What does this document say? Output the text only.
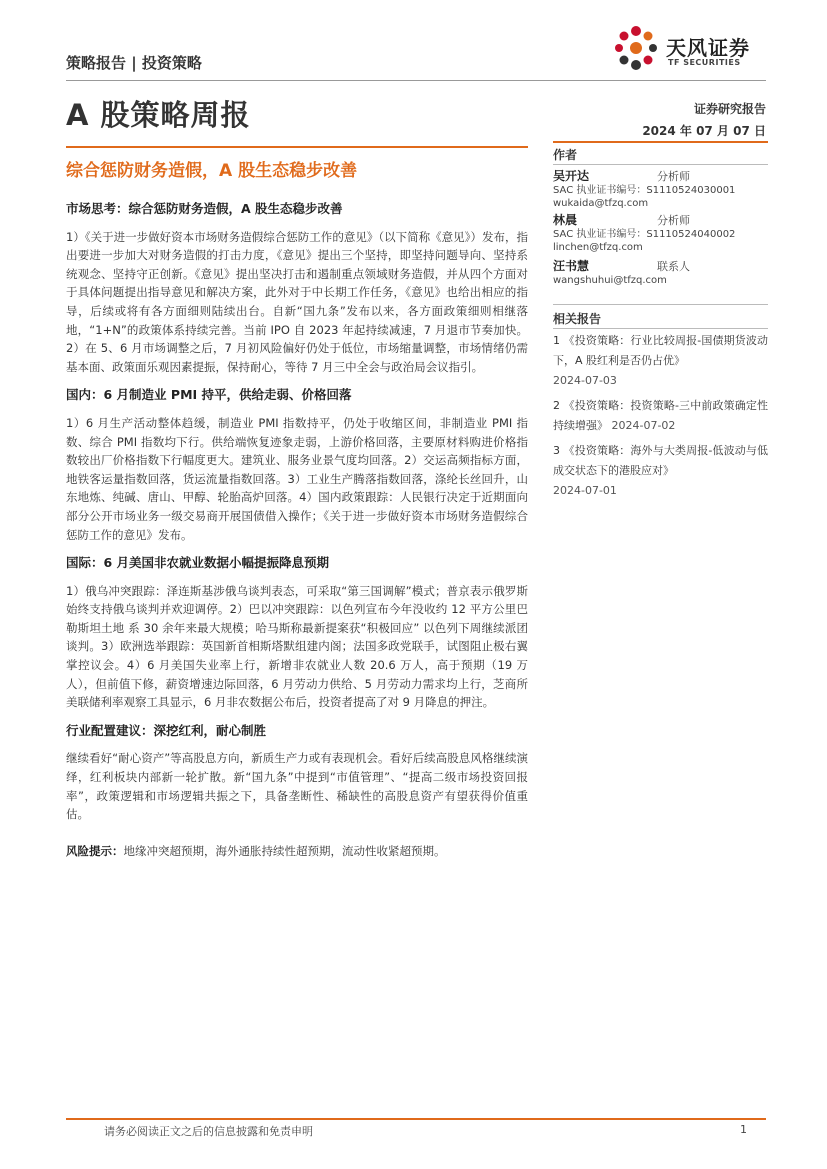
策略报告 | 投资策略
天风证券
TF SECURITIES
A 股策略周报	证券研究报告
2024 年 07 月 07 日
综合惩防财务造假，A 股生态稳步改善
市场思考：综合惩防财务造假，A 股生态稳步改善
1）《关于进一步做好资本市场财务造假综合惩防工作的意见》（以下简称《意见》）发布，指出要进一步加大对财务造假的打击力度，《意见》提出三个坚持，即坚持问题导向、坚持系统观念、坚持守正创新。《意见》提出坚决打击和遏制重点领域财务造假，并从四个方面对于具体问题提出指导意见和解决方案，此外对于中长期工作任务，《意见》也给出相应的指导，后续或将有各方面细则陆续出台。自新“国九条”发布以来，各方面政策细则相继落地，“1+N”的政策体系持续完善。当前 IPO 自 2023 年起持续减速，7 月退市节奏加快。2）在 5、6 月市场调整之后，7 月初风险偏好仍处于低位，市场缩量调整，市场情绪仍需基本面、政策面乐观因素提振，保持耐心，等待 7 月三中全会与政治局会议指引。
国内：6 月制造业 PMI 持平，供给走弱、价格回落
1）6 月生产活动整体趋缓，制造业 PMI 指数持平，仍处于收缩区间，非制造业 PMI 指数、综合 PMI 指数均下行。供给端恢复迹象走弱，上游价格回落，主要原材料购进价格指数较出厂价格指数下行幅度更大。建筑业、服务业景气度均回落。2）交运高频指标方面，地铁客运量指数回落，货运流量指数回落。3）工业生产腾落指数回落，涤纶长丝回升，山东地炼、纯碱、唐山、甲醇、轮胎高炉回落。4）国内政策跟踪：人民银行决定于近期面向部分公开市场业务一级交易商开展国债借入操作；《关于进一步做好资本市场财务造假综合惩防工作的意见》发布。
国际：6 月美国非农就业数据小幅提振降息预期
1）俄乌冲突跟踪：泽连斯基涉俄乌谈判表态，可采取“第三国调解”模式；普京表示俄罗斯始终支持俄乌谈判并欢迎调停。2）巴以冲突跟踪：以色列宣布今年没收约 12 平方公里巴勒斯坦土地 系 30 余年来最大规模；哈马斯称最新提案获“积极回应” 以色列下周继续派团谈判。3）欧洲选举跟踪：英国新首相斯塔默组建内阁；法国多政党联手，试图阻止极右翼掌控议会。4）6 月美国失业率上行，新增非农就业人数 20.6 万人，高于预期（19 万人），但前值下修，薪资增速边际回落，6 月劳动力供给、5 月劳动力需求均上行，芝商所美联储利率观察工具显示，6 月非农数据公布后，投资者提高了对 9 月降息的押注。
行业配置建议：深挖红利，耐心制胜
继续看好“耐心资产”等高股息方向，新质生产力或有表现机会。看好后续高股息风格继续演绎，红利板块内部新一轮扩散。新“国九条”中提到“市值管理”、“提高二级市场投资回报率”，政策逻辑和市场逻辑共振之下，具备垄断性、稀缺性的高股息资产有望获得价值重估。
风险提示：地缘冲突超预期，海外通胀持续性超预期，流动性收紧超预期。
作者
吴开达	分析师
SAC 执业证书编号：S1110524030001
wukaida@tfzq.com
林晨	分析师
SAC 执业证书编号：S1110524040002
linchen@tfzq.com
汪书慧	联系人
wangshuhui@tfzq.com
相关报告
1 《投资策略：行业比较周报-国债期货波动下，A 股红利是否仍占优》
2024-07-03
2 《投资策略：投资策略-三中前政策确定性持续增强》 2024-07-02
3 《投资策略：海外与大类周报-低波动与低成交状态下的港股应对》
2024-07-01
请务必阅读正文之后的信息披露和免责申明	1
